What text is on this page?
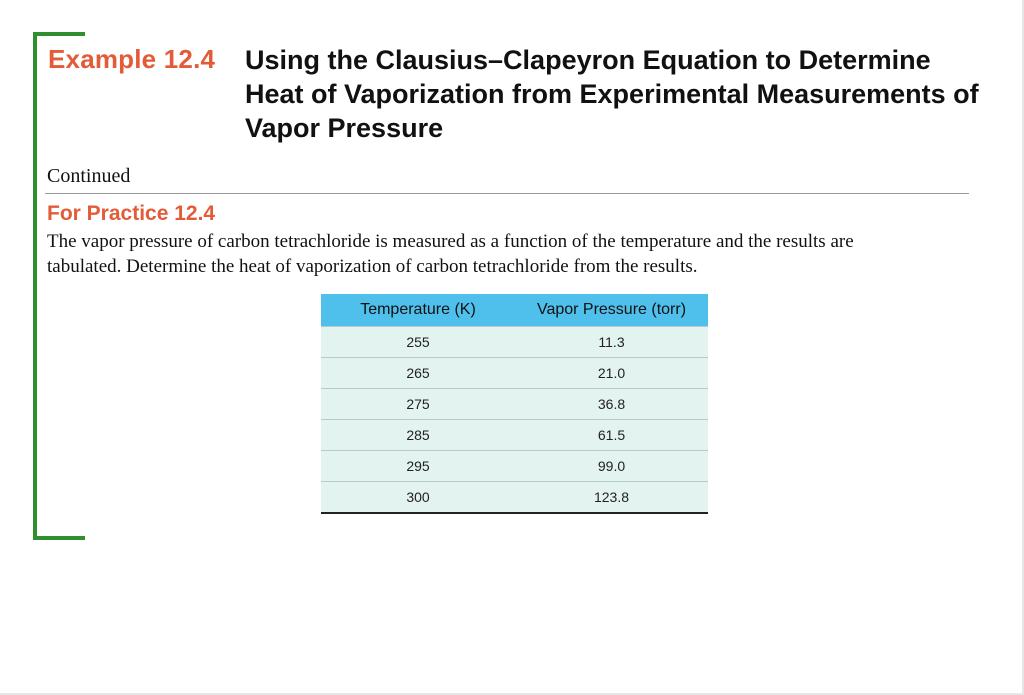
Example 12.4 Using the Clausius–Clapeyron Equation to Determine Heat of Vaporization from Experimental Measurements of Vapor Pressure
Continued
For Practice 12.4
The vapor pressure of carbon tetrachloride is measured as a function of the temperature and the results are tabulated. Determine the heat of vaporization of carbon tetrachloride from the results.
Temperature (K)	Vapor Pressure (torr)
255	11.3
265	21.0
275	36.8
285	61.5
295	99.0
300	123.8
